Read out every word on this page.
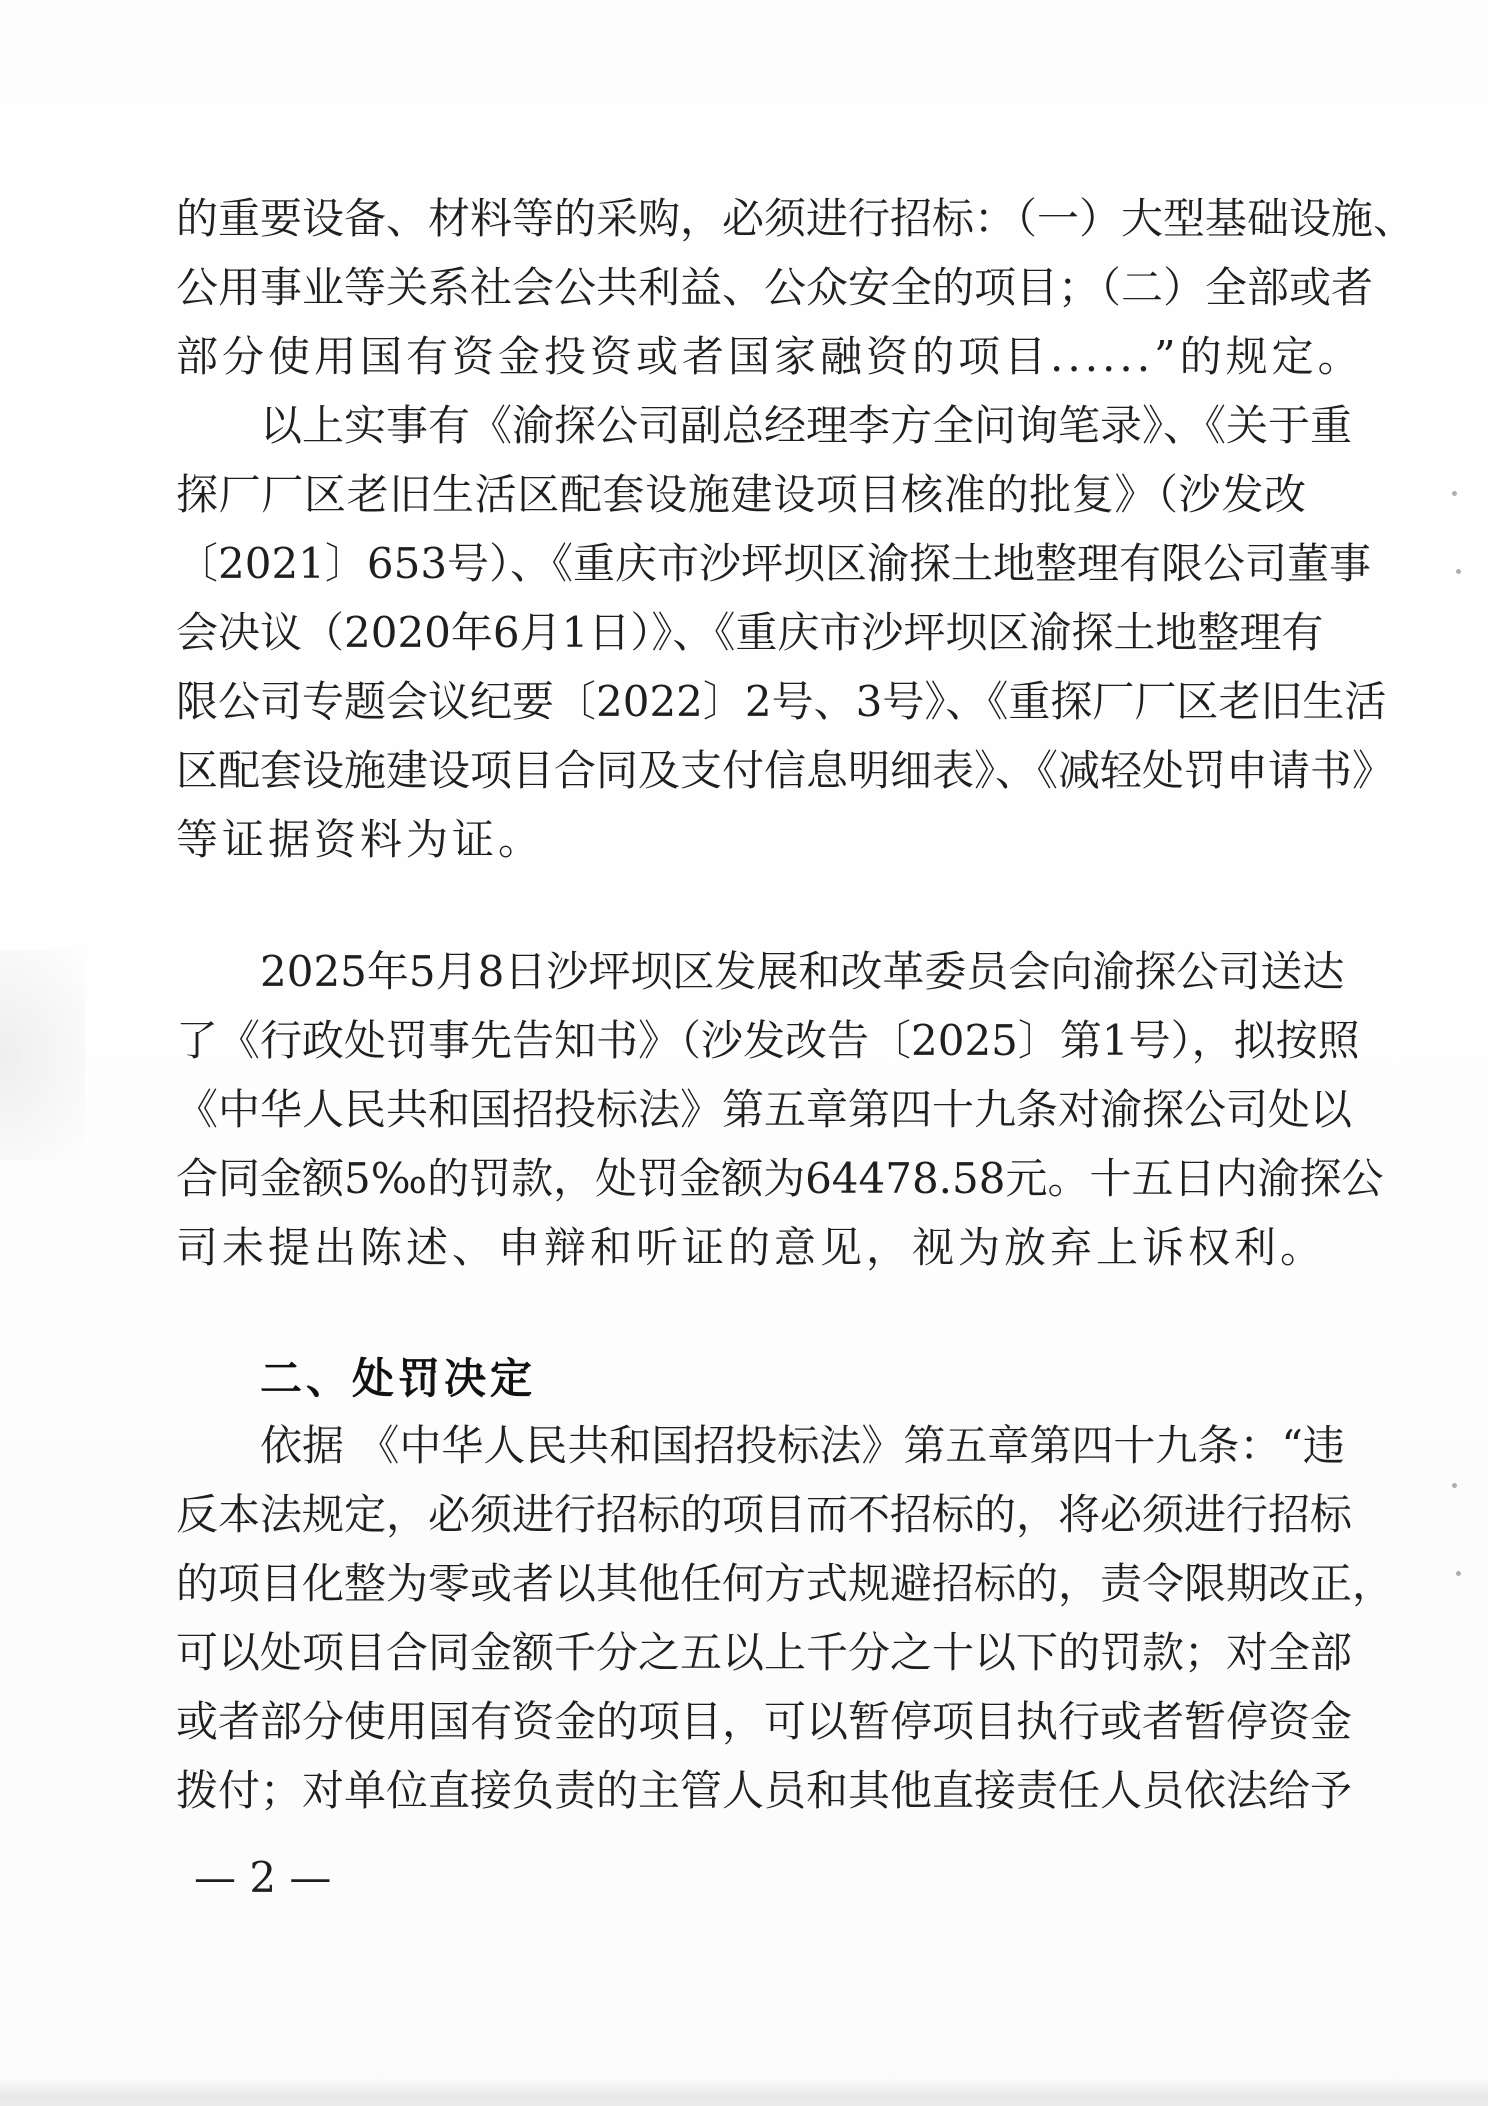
的重要设备、材料等的采购，必须进行招标：（一）大型基础设施、
公用事业等关系社会公共利益、公众安全的项目；（二）全部或者
部分使用国有资金投资或者国家融资的项目......”的规定。
以上实事有《渝探公司副总经理李方全问询笔录》、《关于重
探厂厂区老旧生活区配套设施建设项目核准的批复》（沙发改
〔2021〕653号）、《重庆市沙坪坝区渝探土地整理有限公司董事
会决议（2020年6月1日）》、《重庆市沙坪坝区渝探土地整理有
限公司专题会议纪要〔2022〕2号、3号》、《重探厂厂区老旧生活
区配套设施建设项目合同及支付信息明细表》、《减轻处罚申请书》
等证据资料为证。
2025年5月8日沙坪坝区发展和改革委员会向渝探公司送达
了《行政处罚事先告知书》（沙发改告〔2025〕第1号），拟按照
《中华人民共和国招投标法》第五章第四十九条对渝探公司处以
合同金额5‰的罚款，处罚金额为64478.58元。十五日内渝探公
司未提出陈述、申辩和听证的意见，视为放弃上诉权利。
二、处罚决定
依据 《中华人民共和国招投标法》第五章第四十九条：“违
反本法规定，必须进行招标的项目而不招标的，将必须进行招标
的项目化整为零或者以其他任何方式规避招标的，责令限期改正，
可以处项目合同金额千分之五以上千分之十以下的罚款；对全部
或者部分使用国有资金的项目，可以暂停项目执行或者暂停资金
拨付；对单位直接负责的主管人员和其他直接责任人员依法给予
— 2 —
